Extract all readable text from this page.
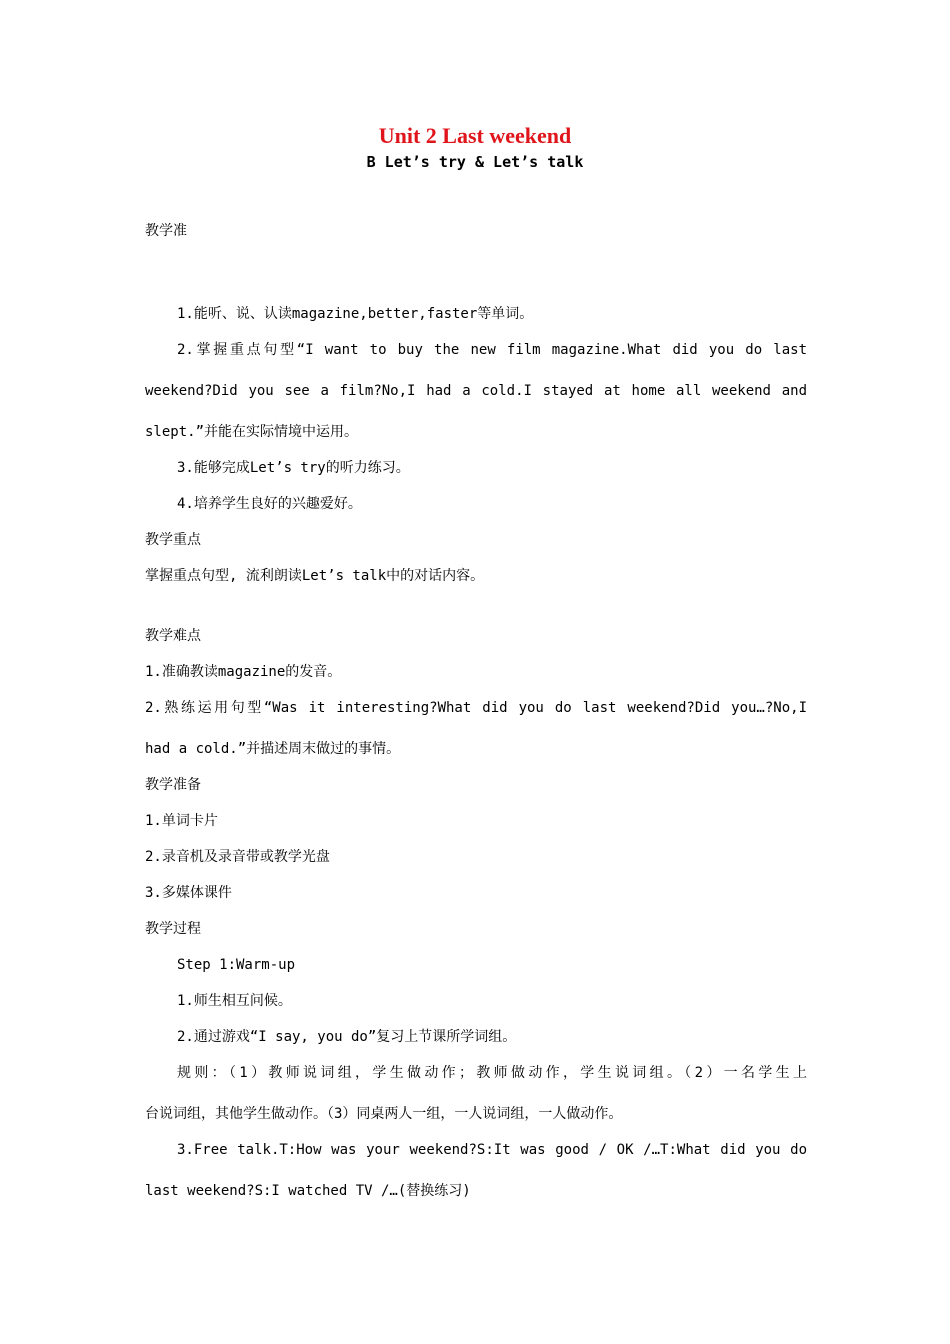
Unit 2 Last weekend
B Let’s try & Let’s talk
教学准
1.能听、说、认读magazine,better,faster等单词。
2.掌握重点句型“I want to buy the new film magazine.What did you do last
weekend?Did you see a film?No,I had a cold.I stayed at home all weekend and
slept.”并能在实际情境中运用。
3.能够完成Let’s try的听力练习。
4.培养学生良好的兴趣爱好。
教学重点
掌握重点句型, 流利朗读Let’s talk中的对话内容。
教学难点
1.准确教读magazine的发音。
2.熟练运用句型“Was it interesting?What did you do last weekend?Did you…?No,I
had a cold.”并描述周末做过的事情。
教学准备
1.单词卡片
2.录音机及录音带或教学光盘
3.多媒体课件
教学过程
Step 1:Warm-up
1.师生相互问候。
2.通过游戏“I say, you do”复习上节课所学词组。
规则：（1）教师说词组，学生做动作；教师做动作，学生说词组。（2）一名学生上
台说词组，其他学生做动作。（3）同桌两人一组，一人说词组，一人做动作。
3.Free talk.T:How was your weekend?S:It was good / OK /…T:What did you do
last weekend?S:I watched TV /…(替换练习)
